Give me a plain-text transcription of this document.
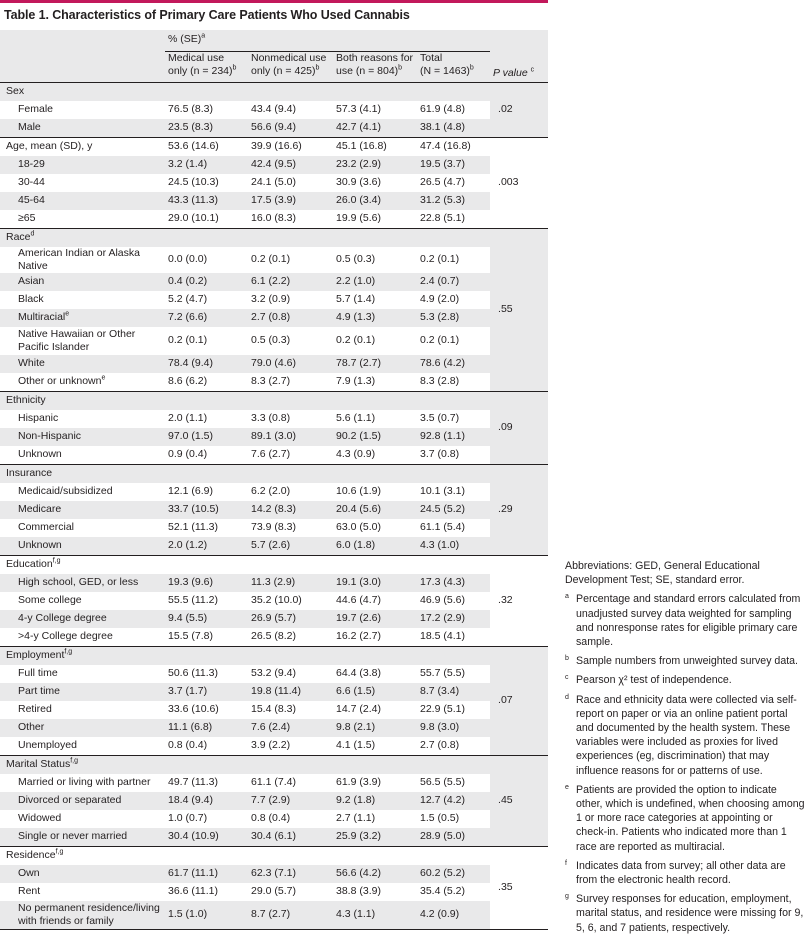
Table 1. Characteristics of Primary Care Patients Who Used Cannabis
	% (SE)$^a$	
	Medical use
only (n = 234)$^b$	Nonmedical use
only (n = 425)$^b$	Both reasons for
use (n = 804)$^b$	Total
(N = 1463)$^b$	P value $^c$
Sex					.02
Female	76.5 (8.3)	43.4 (9.4)	57.3 (4.1)	61.9 (4.8)	
Male	23.5 (8.3)	56.6 (9.4)	42.7 (4.1)	38.1 (4.8)	
Age, mean (SD), y	53.6 (14.6)	39.9 (16.6)	45.1 (16.8)	47.4 (16.8)	.003
18-29	3.2 (1.4)	42.4 (9.5)	23.2 (2.9)	19.5 (3.7)	
30-44	24.5 (10.3)	24.1 (5.0)	30.9 (3.6)	26.5 (4.7)	
45-64	43.3 (11.3)	17.5 (3.9)	26.0 (3.4)	31.2 (5.3)	
≥65	29.0 (10.1)	16.0 (8.3)	19.9 (5.6)	22.8 (5.1)	
Race$^d$					.55
American Indian or Alaska Native	0.0 (0.0)	0.2 (0.1)	0.5 (0.3)	0.2 (0.1)	
Asian	0.4 (0.2)	6.1 (2.2)	2.2 (1.0)	2.4 (0.7)	
Black	5.2 (4.7)	3.2 (0.9)	5.7 (1.4)	4.9 (2.0)	
Multiracial$^e$	7.2 (6.6)	2.7 (0.8)	4.9 (1.3)	5.3 (2.8)	
Native Hawaiian or Other Pacific Islander	0.2 (0.1)	0.5 (0.3)	0.2 (0.1)	0.2 (0.1)	
White	78.4 (9.4)	79.0 (4.6)	78.7 (2.7)	78.6 (4.2)	
Other or unknown$^e$	8.6 (6.2)	8.3 (2.7)	7.9 (1.3)	8.3 (2.8)	
Ethnicity					.09
Hispanic	2.0 (1.1)	3.3 (0.8)	5.6 (1.1)	3.5 (0.7)	
Non-Hispanic	97.0 (1.5)	89.1 (3.0)	90.2 (1.5)	92.8 (1.1)	
Unknown	0.9 (0.4)	7.6 (2.7)	4.3 (0.9)	3.7 (0.8)	
Insurance					.29
Medicaid/subsidized	12.1 (6.9)	6.2 (2.0)	10.6 (1.9)	10.1 (3.1)	
Medicare	33.7 (10.5)	14.2 (8.3)	20.4 (5.6)	24.5 (5.2)	
Commercial	52.1 (11.3)	73.9 (8.3)	63.0 (5.0)	61.1 (5.4)	
Unknown	2.0 (1.2)	5.7 (2.6)	6.0 (1.8)	4.3 (1.0)	
Education$^{f,g}$					.32
High school, GED, or less	19.3 (9.6)	11.3 (2.9)	19.1 (3.0)	17.3 (4.3)	
Some college	55.5 (11.2)	35.2 (10.0)	44.6 (4.7)	46.9 (5.6)	
4-y College degree	9.4 (5.5)	26.9 (5.7)	19.7 (2.6)	17.2 (2.9)	
>4-y College degree	15.5 (7.8)	26.5 (8.2)	16.2 (2.7)	18.5 (4.1)	
Employment$^{f,g}$					.07
Full time	50.6 (11.3)	53.2 (9.4)	64.4 (3.8)	55.7 (5.5)	
Part time	3.7 (1.7)	19.8 (11.4)	6.6 (1.5)	8.7 (3.4)	
Retired	33.6 (10.6)	15.4 (8.3)	14.7 (2.4)	22.9 (5.1)	
Other	11.1 (6.8)	7.6 (2.4)	9.8 (2.1)	9.8 (3.0)	
Unemployed	0.8 (0.4)	3.9 (2.2)	4.1 (1.5)	2.7 (0.8)	
Marital Status$^{f,g}$					.45
Married or living with partner	49.7 (11.3)	61.1 (7.4)	61.9 (3.9)	56.5 (5.5)	
Divorced or separated	18.4 (9.4)	7.7 (2.9)	9.2 (1.8)	12.7 (4.2)	
Widowed	1.0 (0.7)	0.8 (0.4)	2.7 (1.1)	1.5 (0.5)	
Single or never married	30.4 (10.9)	30.4 (6.1)	25.9 (3.2)	28.9 (5.0)	
Residence$^{f,g}$					.35
Own	61.7 (11.1)	62.3 (7.1)	56.6 (4.2)	60.2 (5.2)	
Rent	36.6 (11.1)	29.0 (5.7)	38.8 (3.9)	35.4 (5.2)	
No permanent residence/living with friends or family	1.5 (1.0)	8.7 (2.7)	4.3 (1.1)	4.2 (0.9)	

Abbreviations: GED, General Educational Development Test; SE, standard error.

a Percentage and standard errors calculated from unadjusted survey data weighted for sampling and nonresponse rates for eligible primary care sample.
b Sample numbers from unweighted survey data.
c Pearson χ² test of independence.
d Race and ethnicity data were collected via self-report on paper or via an online patient portal and documented by the health system. These variables were included as proxies for lived experiences (eg, discrimination) that may influence reasons for or patterns of use.
e Patients are provided the option to indicate other, which is undefined, when choosing among 1 or more race categories at appointing or check-in. Patients who indicated more than 1 race are reported as multiracial.
f Indicates data from survey; all other data are from the electronic health record.
g Survey responses for education, employment, marital status, and residence were missing for 9, 5, 6, and 7 patients, respectively.
